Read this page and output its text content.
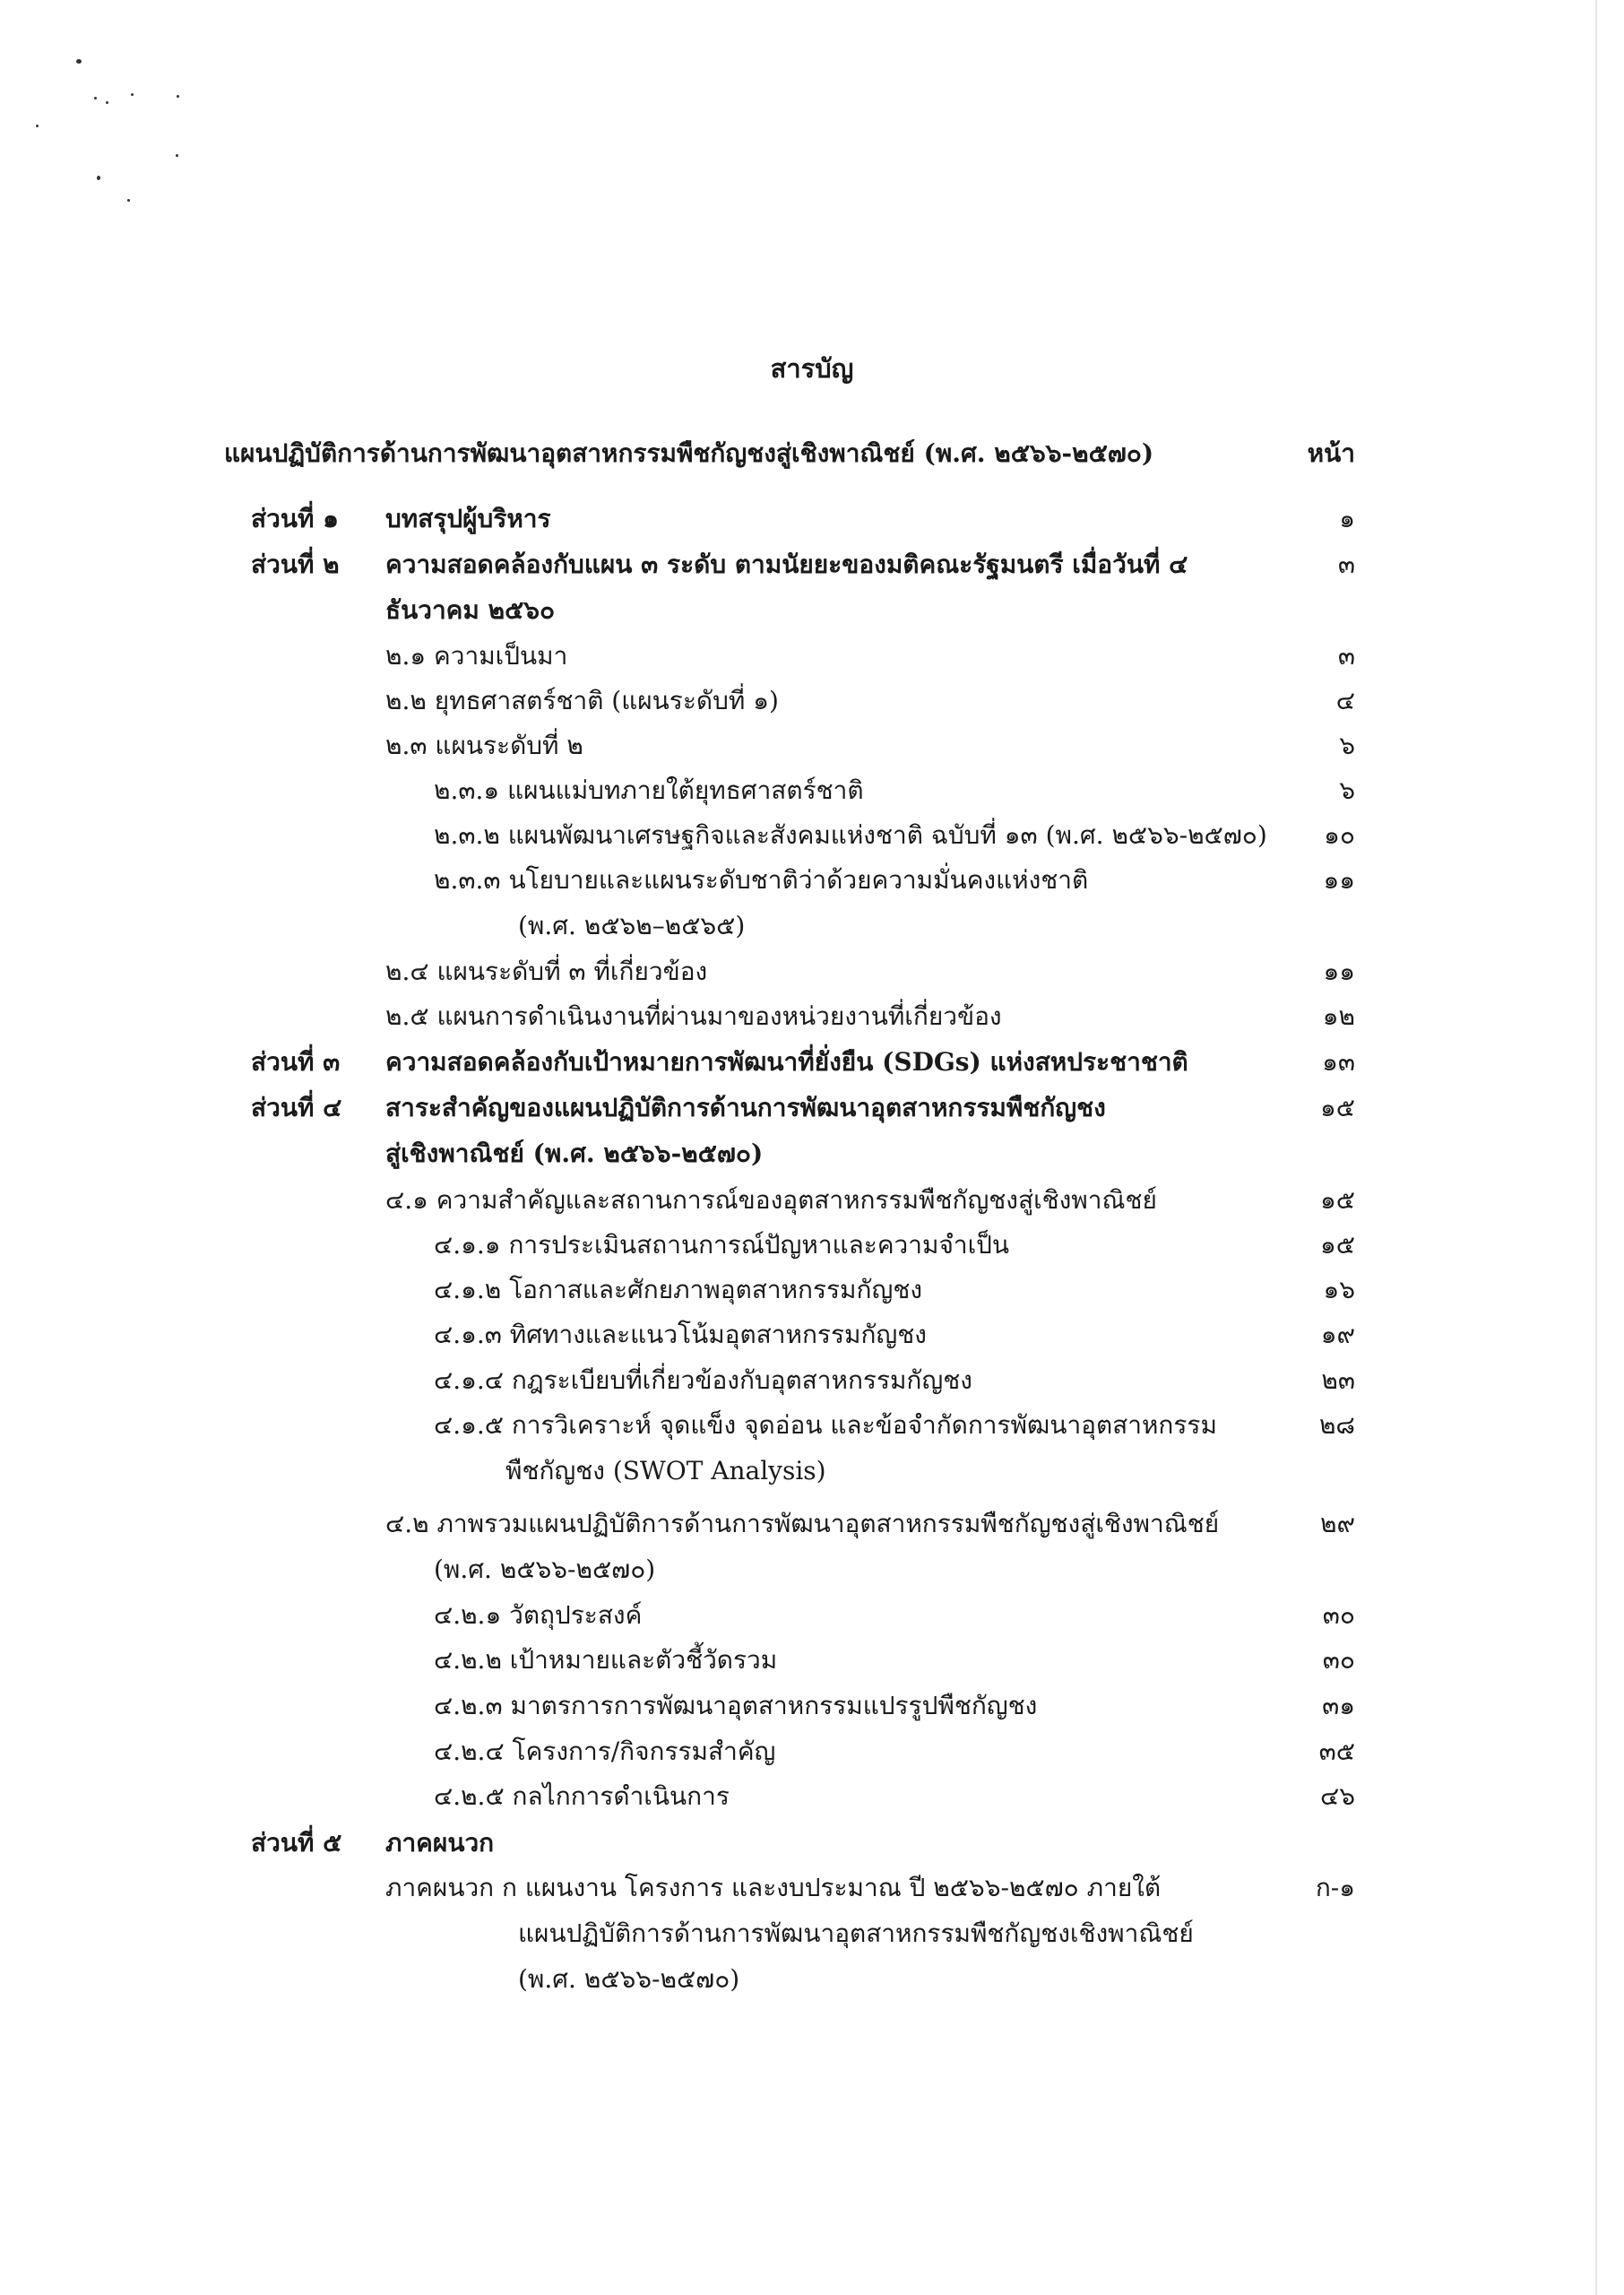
สารบัญ
แผนปฏิบัติการด้านการพัฒนาอุตสาหกรรมพืชกัญชงสู่เชิงพาณิชย์ (พ.ศ. ๒๕๖๖-๒๕๗๐)	หน้า
ส่วนที่ ๑ บทสรุปผู้บริหาร	๑
ส่วนที่ ๒ ความสอดคล้องกับแผน ๓ ระดับ ตามนัยยะของมติคณะรัฐมนตรี เมื่อวันที่ ๔	๓
ธันวาคม ๒๕๖๐
๒.๑ ความเป็นมา	๓
๒.๒ ยุทธศาสตร์ชาติ (แผนระดับที่ ๑)	๔
๒.๓ แผนระดับที่ ๒	๖
๒.๓.๑ แผนแม่บทภายใต้ยุทธศาสตร์ชาติ	๖
๒.๓.๒ แผนพัฒนาเศรษฐกิจและสังคมแห่งชาติ ฉบับที่ ๑๓ (พ.ศ. ๒๕๖๖-๒๕๗๐) ๑๐
๒.๓.๓ นโยบายและแผนระดับชาติว่าด้วยความมั่นคงแห่งชาติ	๑๑
(พ.ศ. ๒๕๖๒–๒๕๖๕)
๒.๔ แผนระดับที่ ๓ ที่เกี่ยวข้อง	๑๑
๒.๕ แผนการดำเนินงานที่ผ่านมาของหน่วยงานที่เกี่ยวข้อง	๑๒
ส่วนที่ ๓ ความสอดคล้องกับเป้าหมายการพัฒนาที่ยั่งยืน (SDGs) แห่งสหประชาชาติ	๑๓
ส่วนที่ ๔ สาระสำคัญของแผนปฏิบัติการด้านการพัฒนาอุตสาหกรรมพืชกัญชง	๑๕
สู่เชิงพาณิชย์ (พ.ศ. ๒๕๖๖-๒๕๗๐)
๔.๑ ความสำคัญและสถานการณ์ของอุตสาหกรรมพืชกัญชงสู่เชิงพาณิชย์	๑๕
๔.๑.๑ การประเมินสถานการณ์ปัญหาและความจำเป็น	๑๕
๔.๑.๒ โอกาสและศักยภาพอุตสาหกรรมกัญชง	๑๖
๔.๑.๓ ทิศทางและแนวโน้มอุตสาหกรรมกัญชง	๑๙
๔.๑.๔ กฎระเบียบที่เกี่ยวข้องกับอุตสาหกรรมกัญชง	๒๓
๔.๑.๕ การวิเคราะห์ จุดแข็ง จุดอ่อน และข้อจำกัดการพัฒนาอุตสาหกรรม	๒๘
พืชกัญชง (SWOT Analysis)
๔.๒ ภาพรวมแผนปฏิบัติการด้านการพัฒนาอุตสาหกรรมพืชกัญชงสู่เชิงพาณิชย์	๒๙
(พ.ศ. ๒๕๖๖-๒๕๗๐)
๔.๒.๑ วัตถุประสงค์	๓๐
๔.๒.๒ เป้าหมายและตัวชี้วัดรวม	๓๐
๔.๒.๓ มาตรการการพัฒนาอุตสาหกรรมแปรรูปพืชกัญชง	๓๑
๔.๒.๔ โครงการ/กิจกรรมสำคัญ	๓๕
๔.๒.๕ กลไกการดำเนินการ	๔๖
ส่วนที่ ๕ ภาคผนวก
ภาคผนวก ก แผนงาน โครงการ และงบประมาณ ปี ๒๕๖๖-๒๕๗๐ ภายใต้	ก-๑
แผนปฏิบัติการด้านการพัฒนาอุตสาหกรรมพืชกัญชงเชิงพาณิชย์
(พ.ศ. ๒๕๖๖-๒๕๗๐)
